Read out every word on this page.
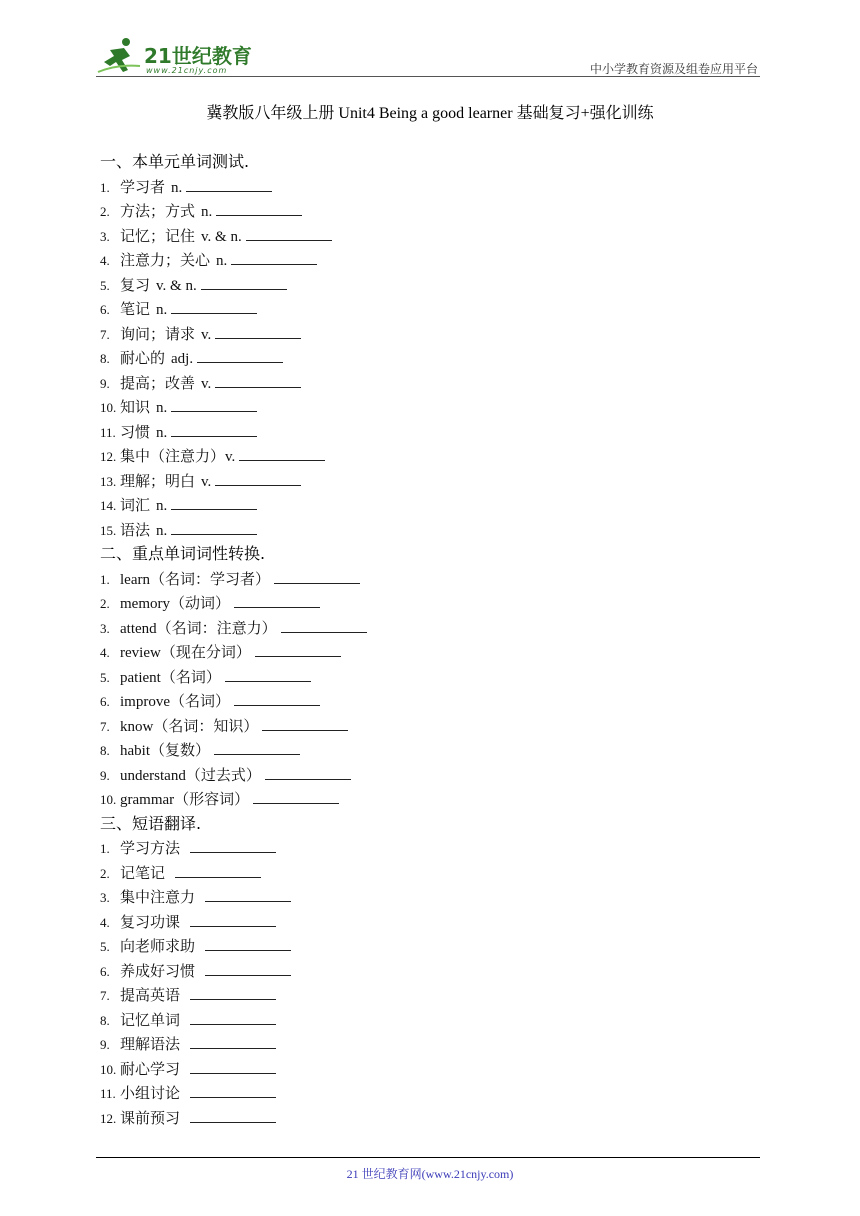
21世纪教育
www.21cnjy.com	中小学教育资源及组卷应用平台
冀教版八年级上册 Unit4 Being a good learner 基础复习+强化训练
一、本单元单词测试.
1. 学习者 n.
2. 方法；方式 n.
3. 记忆；记住 v. & n.
4. 注意力；关心 n.
5. 复习 v. & n.
6. 笔记 n.
7. 询问；请求 v.
8. 耐心的 adj.
9. 提高；改善 v.
10. 知识 n.
11. 习惯 n.
12. 集中（注意力）v.
13. 理解；明白 v.
14. 词汇 n.
15. 语法 n.
二、重点单词词性转换.
1. learn（名词：学习者）
2. memory（动词）
3. attend（名词：注意力）
4. review（现在分词）
5. patient（名词）
6. improve（名词）
7. know（名词：知识）
8. habit（复数）
9. understand（过去式）
10. grammar（形容词）
三、短语翻译.
1. 学习方法
2. 记笔记
3. 集中注意力
4. 复习功课
5. 向老师求助
6. 养成好习惯
7. 提高英语
8. 记忆单词
9. 理解语法
10. 耐心学习
11. 小组讨论
12. 课前预习
21 世纪教育网(www.21cnjy.com)
